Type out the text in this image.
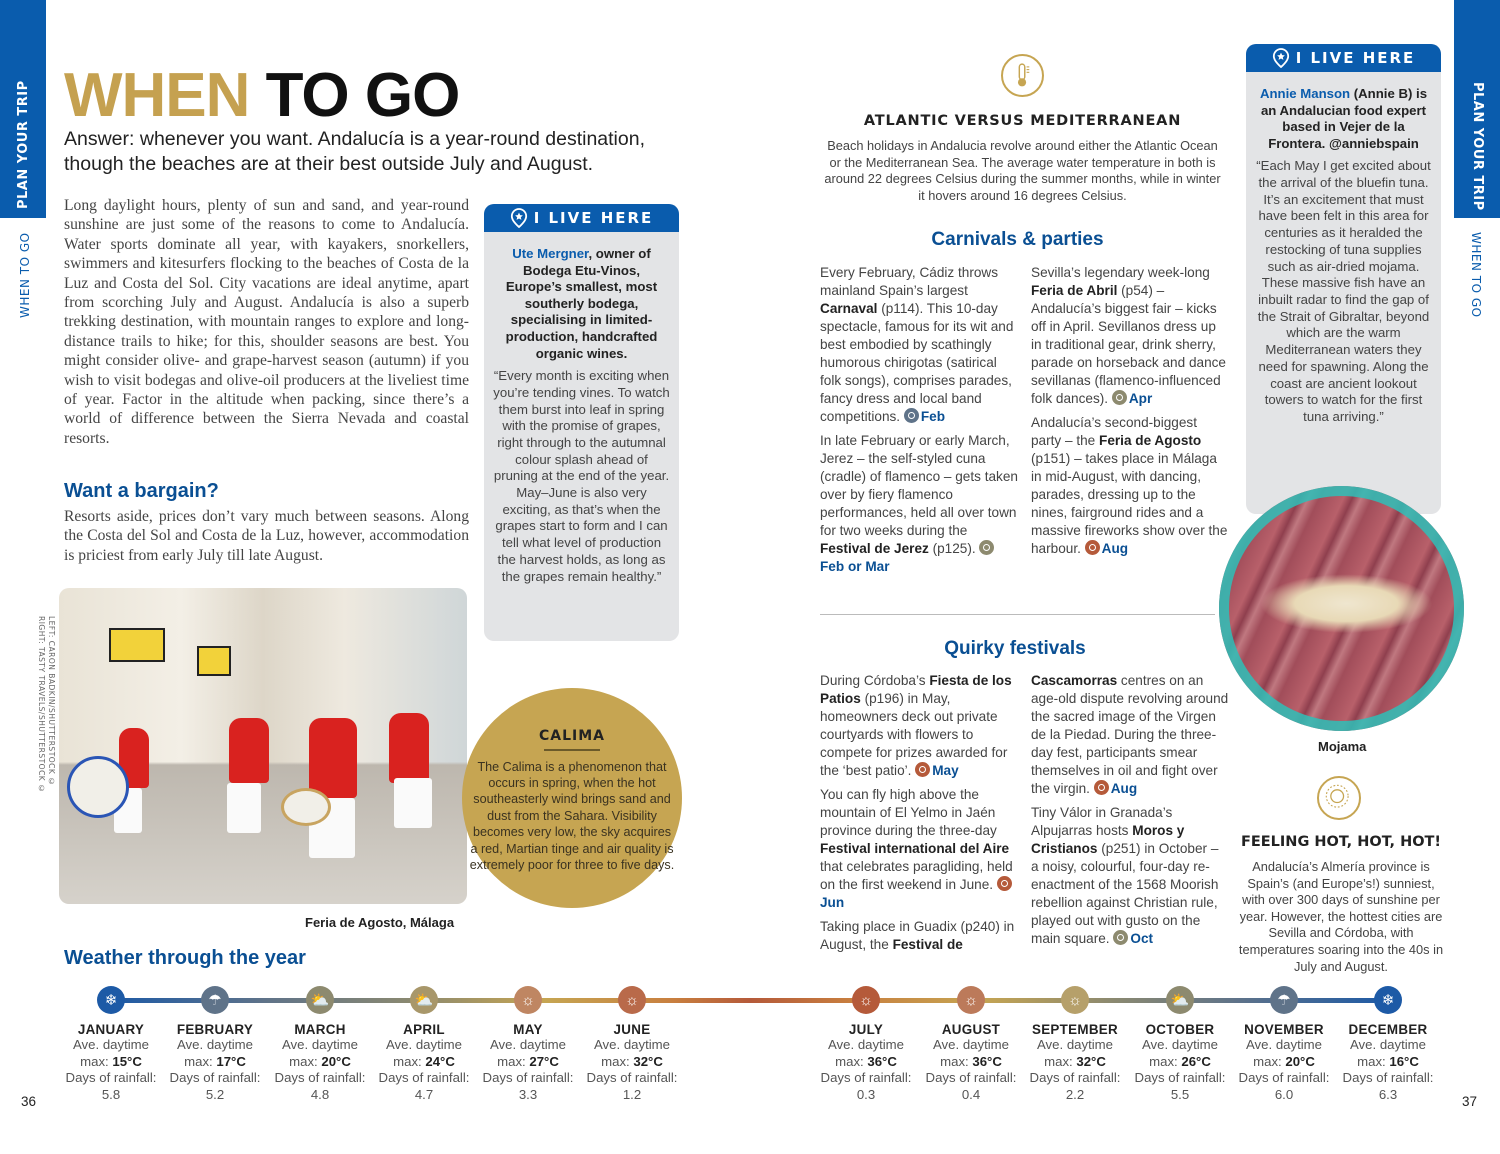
PLAN YOUR TRIP
WHEN TO GO
PLAN YOUR TRIP
WHEN TO GO
WHEN TO GO
Answer: whenever you want. Andalucía is a year-round destination, though the beaches are at their best outside July and August.
Long daylight hours, plenty of sun and sand, and year-round sunshine are just some of the reasons to come to Andalucía. Water sports dominate all year, with kayakers, snorkellers, swimmers and kitesurfers flocking to the beaches of Costa de la Luz and Costa del Sol. City vacations are ideal anytime, apart from scorching July and August. Andalucía is also a superb trekking destination, with mountain ranges to explore and long-distance trails to hike; for this, shoulder seasons are best. You might consider olive- and grape-harvest season (autumn) if you wish to visit bodegas and olive-oil producers at the liveliest time of year. Factor in the altitude when packing, since there’s a world of difference between the Sierra Nevada and coastal resorts.
Want a bargain?
Resorts aside, prices don’t vary much between seasons. Along the Costa del Sol and Costa de la Luz, however, accommodation is priciest from early July till late August.
I LIVE HERE
Ute Mergner, owner of Bodega Etu-Vinos, Europe’s smallest, most southerly bodega, specialising in limited-production, handcrafted organic wines.
“Every month is exciting when you’re tending vines. To watch them burst into leaf in spring with the promise of grapes, right through to the autumnal colour splash ahead of pruning at the end of the year. May–June is also very exciting, as that’s when the grapes start to form and I can tell what level of production the harvest holds, as long as the grapes remain healthy.”
LEFT: CARON BADKIN/SHUTTERSTOCK ©
RIGHT: TASTY TRAVELS/SHUTTERSTOCK ©
Feria de Agosto, Málaga
CALIMA
The Calima is a phenomenon that occurs in spring, when the hot southeasterly wind brings sand and dust from the Sahara. Visibility becomes very low, the sky acquires a red, Martian tinge and air quality is extremely poor for three to five days.
Weather through the year
❄
JANUARY
Ave. daytime
max: 15°C
Days of rainfall:
5.8
☂
FEBRUARY
Ave. daytime
max: 17°C
Days of rainfall:
5.2
⛅
MARCH
Ave. daytime
max: 20°C
Days of rainfall:
4.8
⛅
APRIL
Ave. daytime
max: 24°C
Days of rainfall:
4.7
☼
MAY
Ave. daytime
max: 27°C
Days of rainfall:
3.3
☼
JUNE
Ave. daytime
max: 32°C
Days of rainfall:
1.2
☼
JULY
Ave. daytime
max: 36°C
Days of rainfall:
0.3
☼
AUGUST
Ave. daytime
max: 36°C
Days of rainfall:
0.4
☼
SEPTEMBER
Ave. daytime
max: 32°C
Days of rainfall:
2.2
⛅
OCTOBER
Ave. daytime
max: 26°C
Days of rainfall:
5.5
☂
NOVEMBER
Ave. daytime
max: 20°C
Days of rainfall:
6.0
❄
DECEMBER
Ave. daytime
max: 16°C
Days of rainfall:
6.3
36	37
ATLANTIC VERSUS MEDITERRANEAN
Beach holidays in Andalucia revolve around either the Atlantic Ocean or the Mediterranean Sea. The average water temperature in both is around 22 degrees Celsius during the summer months, while in winter it hovers around 16 degrees Celsius.
Carnivals & parties

Every February, Cádiz throws mainland Spain’s largest Carnaval (p114). This 10-day spectacle, famous for its wit and best embodied by scathingly humorous chirigotas (satirical folk songs), comprises parades, fancy dress and local band competitions. Feb

In late February or early March, Jerez – the self-styled cuna (cradle) of flamenco – gets taken over by fiery flamenco performances, held all over town for two weeks during the Festival de Jerez (p125). Feb or Mar

Sevilla’s legendary week-long Feria de Abril (p54) – Andalucía’s biggest fair – kicks off in April. Sevillanos dress up in traditional gear, drink sherry, parade on horseback and dance sevillanas (flamenco-influenced folk dances). Apr

Andalucía’s second-biggest party – the Feria de Agosto (p151) – takes place in Málaga in mid-August, with dancing, parades, dressing up to the nines, fairground rides and a massive fireworks show over the harbour. Aug

Quirky festivals

During Córdoba’s Fiesta de los Patios (p196) in May, homeowners deck out private courtyards with flowers to compete for prizes awarded for the ‘best patio’. May

You can fly high above the mountain of El Yelmo in Jaén province during the three-day Festival international del Aire that celebrates paragliding, held on the first weekend in June. Jun

Taking place in Guadix (p240) in August, the Festival de

Cascamorras centres on an age-old dispute revolving around the sacred image of the Virgen de la Piedad. During the three-day fest, participants smear themselves in oil and fight over the virgin. Aug

Tiny Válor in Granada’s Alpujarras hosts Moros y Cristianos (p251) in October – a noisy, colourful, four-day re-enactment of the 1568 Moorish rebellion against Christian rule, played out with gusto on the main square. Oct

I LIVE HERE
Annie Manson (Annie B) is an Andalucian food expert based in Vejer de la Frontera. @anniebspain
“Each May I get excited about the arrival of the bluefin tuna. It’s an excitement that must have been felt in this area for centuries as it heralded the restocking of tuna supplies such as air-dried mojama. These massive fish have an inbuilt radar to find the gap of the Strait of Gibraltar, beyond which are the warm Mediterranean waters they need for spawning. Along the coast are ancient lookout towers to watch for the first tuna arriving.”
Mojama
FEELING HOT, HOT, HOT!
Andalucía’s Almería province is Spain’s (and Europe’s!) sunniest, with over 300 days of sunshine per year. However, the hottest cities are Sevilla and Córdoba, with temperatures soaring into the 40s in July and August.
